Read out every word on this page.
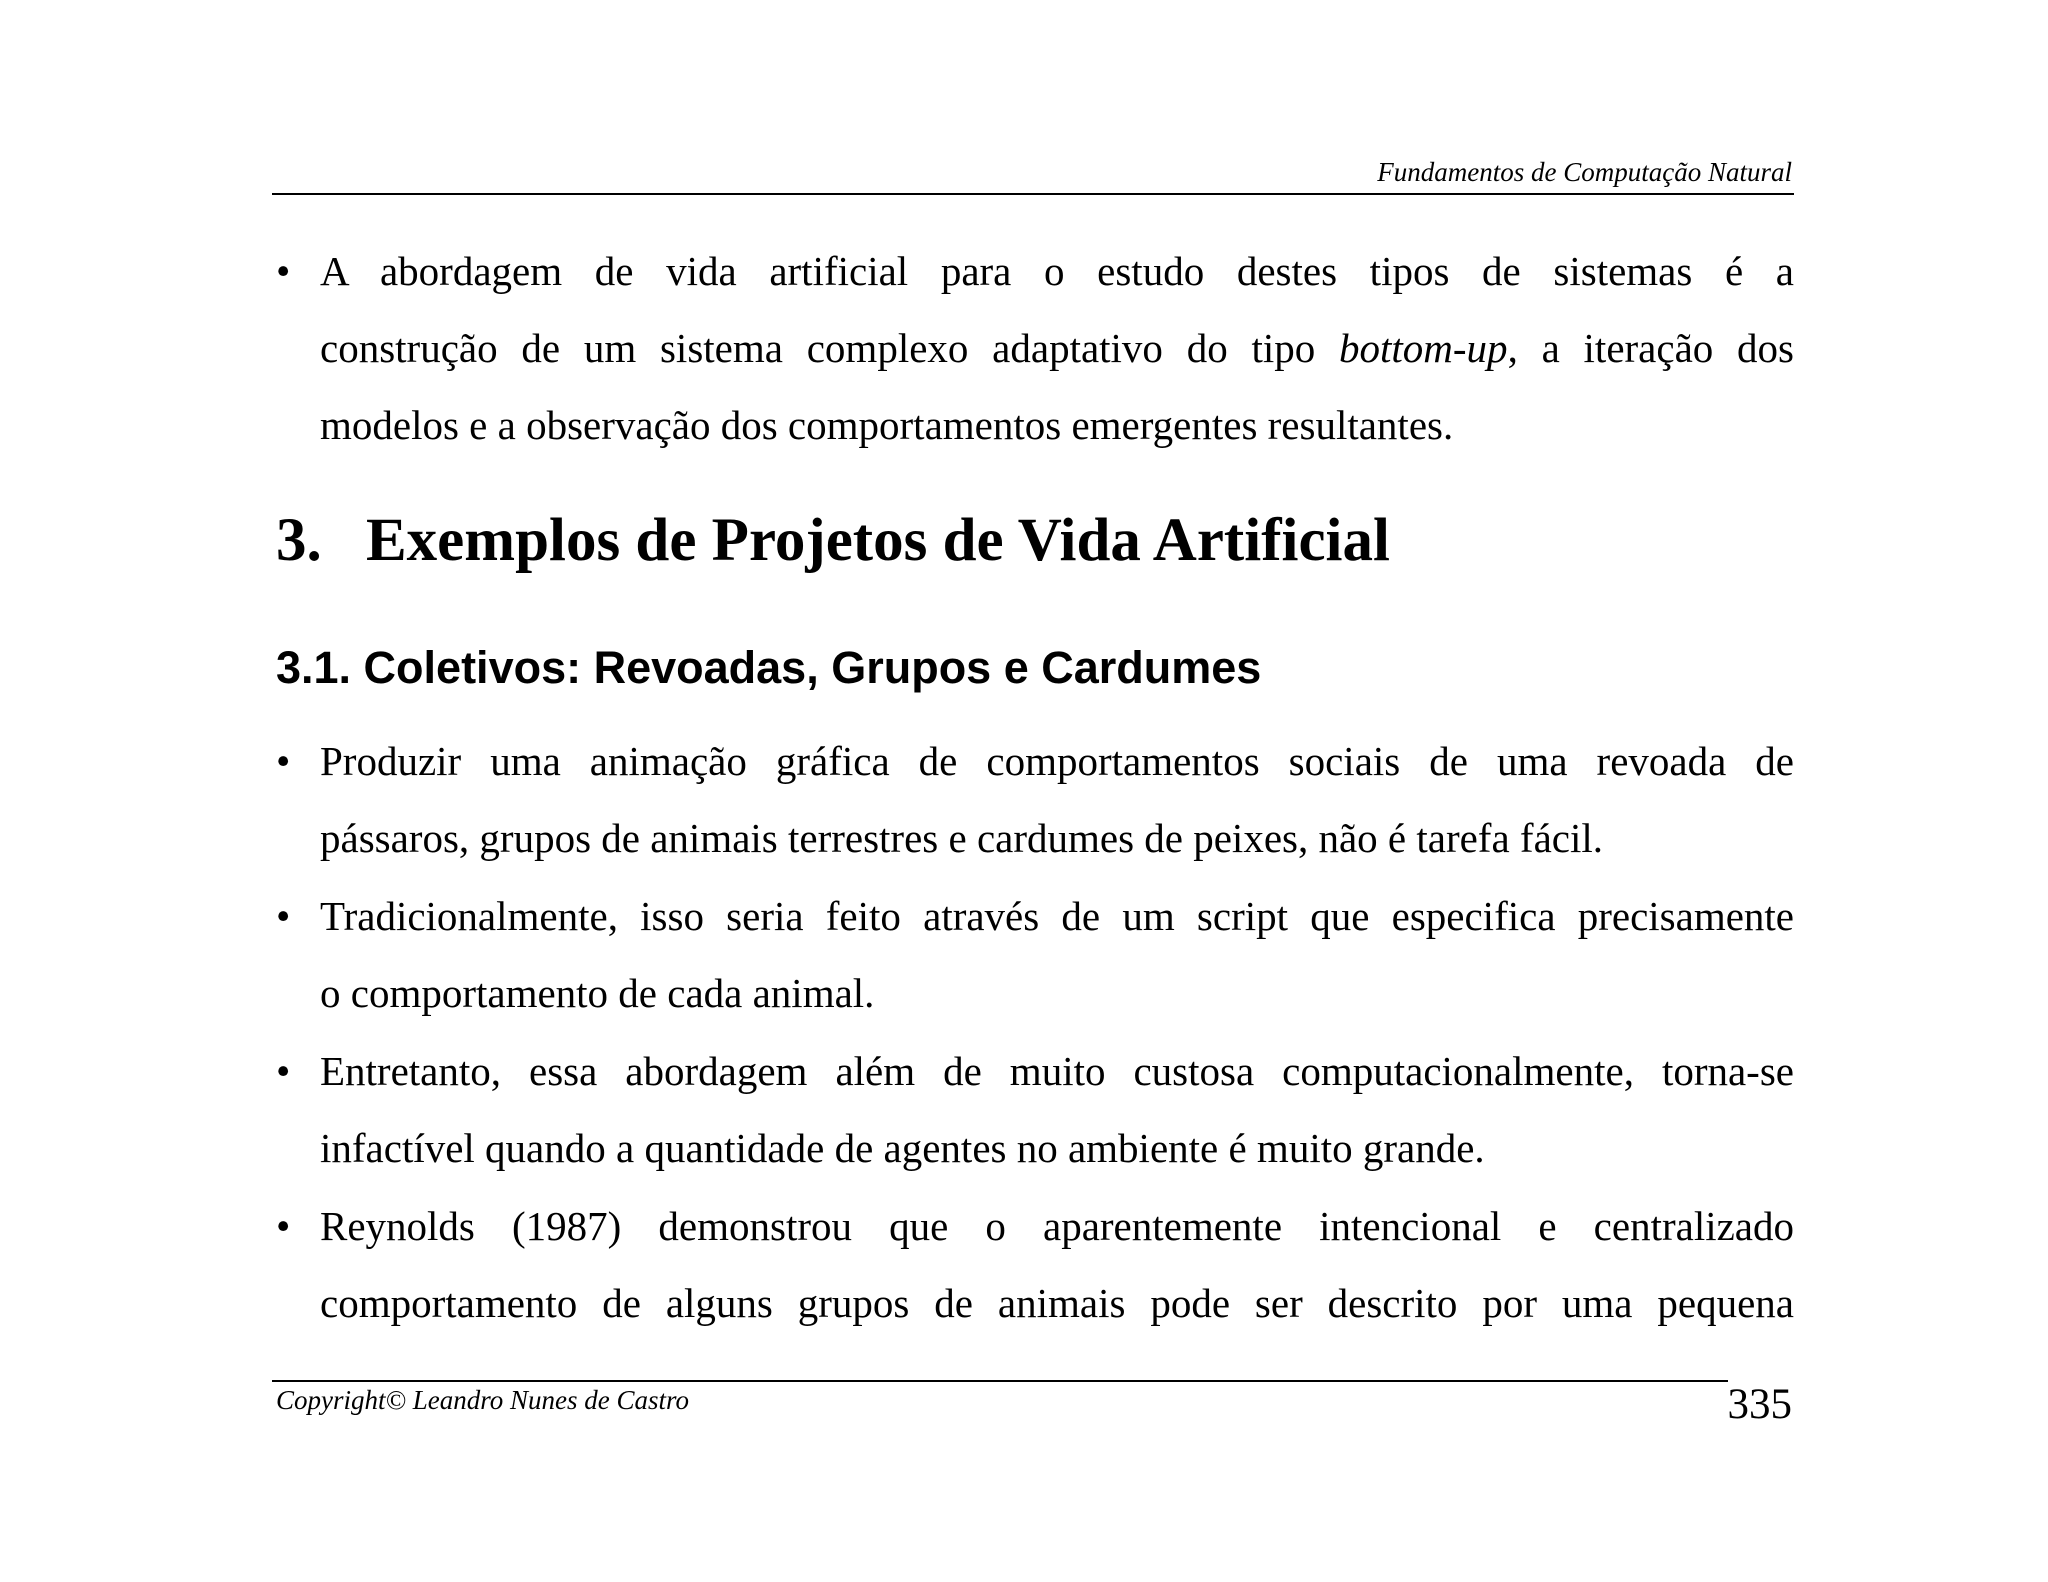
Fundamentos de Computação Natural
• A abordagem de vida artificial para o estudo destes tipos de sistemas é a
construção de um sistema complexo adaptativo do tipo bottom-up, a iteração dos
modelos e a observação dos comportamentos emergentes resultantes.
3. Exemplos de Projetos de Vida Artificial
3.1. Coletivos: Revoadas, Grupos e Cardumes
• Produzir uma animação gráfica de comportamentos sociais de uma revoada de
pássaros, grupos de animais terrestres e cardumes de peixes, não é tarefa fácil.
• Tradicionalmente, isso seria feito através de um script que especifica precisamente
o comportamento de cada animal.
• Entretanto, essa abordagem além de muito custosa computacionalmente, torna-se
infactível quando a quantidade de agentes no ambiente é muito grande.
• Reynolds (1987) demonstrou que o aparentemente intencional e centralizado
comportamento de alguns grupos de animais pode ser descrito por uma pequena
Copyright© Leandro Nunes de Castro	335
